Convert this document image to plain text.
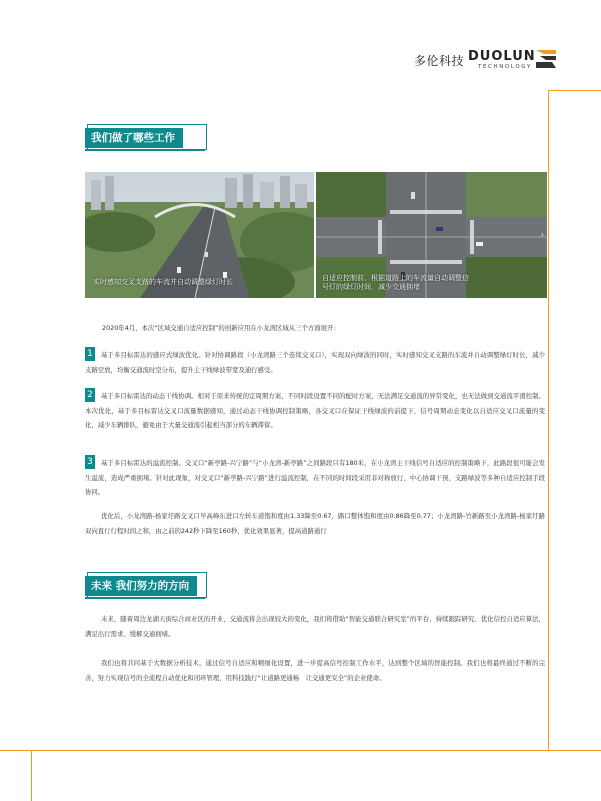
多伦科技 DUOLUN
TECHNOLOGY
我们做了哪些工作
实时感知交叉支路的车流并自动调整绿灯时长	自适应控制前、根据道路上的车流量自动调整信号灯的绿灯时间，减少交通拥堵
›
2020年4月，本次“区域交通自适应控制”的创新应用在小龙湾区域从三个方面展开：
1	基于多目标雷达的感应式绿波优化。针对协调路段（小龙湾路三个连续交叉口），实现双向绿波的同时，实时感知交叉支路的车流并自动调整绿灯时长，减少支路空放，均衡交通流时空分布，提升主干线绿波带宽及通行感受。
2	基于多目标雷达的动态干线协调。相对于原来传统的定周期方案，不同时段设置不同的配时方案，无法满足交通流的异常变化，也无法做到交通流平滑控制。本次优化，基于多目标雷达交叉口流量数据感知，通过动态干线协调控制策略，各交叉口在保证干线绿波的前提下，信号周期动态变化以自适应交叉口流量的变化，减少车辆排队，避免由于大量交通流引起相当部分的车辆滞留。
3	基于多目标雷达的溢流控制。交叉口“新亭路-兴宁路”与“小龙湾-新亭路”之间路段只有180米，在小龙湾主干线信号自适应的控制策略下，此路段很可能会发生溢流，造成严重拥堵。针对此现象，对交叉口“新亭路-兴宁路”进行溢流控制，在不同的时间段采用非对称放行、中心协调干预、支路绿波等多种自适应控制手段协同。
优化后，小龙湾路-杨家圩路交叉口早高峰东进口左转车道饱和度由1.33降至0.67，路口整体饱和度由0.86降至0.77；小龙湾路-竹新路至小龙湾路-杨家圩路双向直行行程时间之和，由之前的242秒下降至160秒，优化效果显著，提高道路通行
未来 我们努力的方向
未来，随着周边龙湖天街综合商业区的开业，交通流将会出现较大的变化，我们将借助“智能交通联合研究室”的平台，持续跟踪研究，优化信控自适应算法，满足出行需求、缓解交通拥堵。
我们也将共同基于大数据分析技术，通过信号自适应和精细化设置，进一步提高信号控制工作水平，达到整个区域的智能控制。我们也将最终通过不断的完善，努力实现信号的全流程自动优化和闭环管理，用科技践行“让道路更通畅　让交通更安全”的企业使命。
